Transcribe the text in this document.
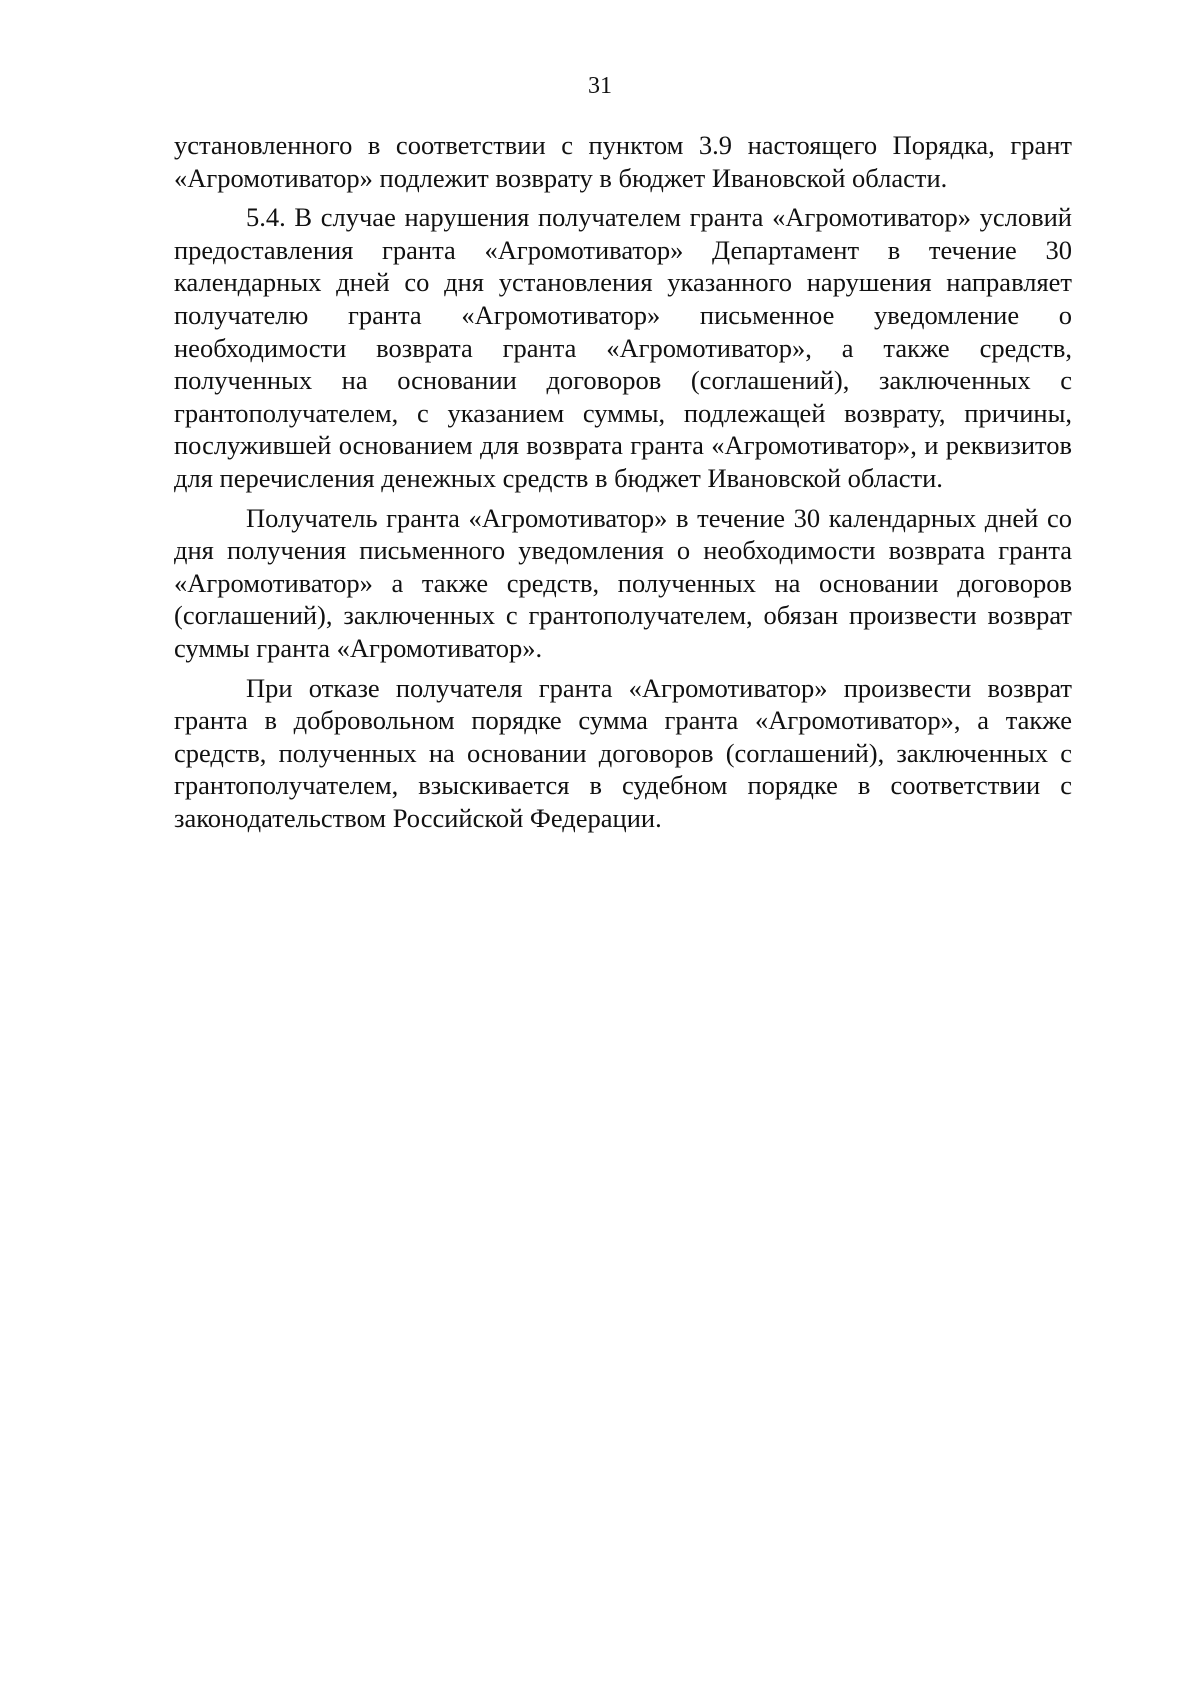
31

установленного в соответствии с пунктом 3.9 настоящего Порядка, грант «Агромотиватор» подлежит возврату в бюджет Ивановской области.

5.4. В случае нарушения получателем гранта «Агромотиватор» условий предоставления гранта «Агромотиватор» Департамент в течение 30 календарных дней со дня установления указанного нарушения направляет получателю гранта «Агромотиватор» письменное уведомление о необходимости возврата гранта «Агромотиватор», а также средств, полученных на основании договоров (соглашений), заключенных с грантополучателем, с указанием суммы, подлежащей возврату, причины, послужившей основанием для возврата гранта «Агромотиватор», и реквизитов для перечисления денежных средств в бюджет Ивановской области.

Получатель гранта «Агромотиватор» в течение 30 календарных дней со дня получения письменного уведомления о необходимости возврата гранта «Агромотиватор» а также средств, полученных на основании договоров (соглашений), заключенных с грантополучателем, обязан произвести возврат суммы гранта «Агромотиватор».

При отказе получателя гранта «Агромотиватор» произвести возврат гранта в добровольном порядке сумма гранта «Агромотиватор», а также средств, полученных на основании договоров (соглашений), заключенных с грантополучателем, взыскивается в судебном порядке в соответствии с законодательством Российской Федерации.
